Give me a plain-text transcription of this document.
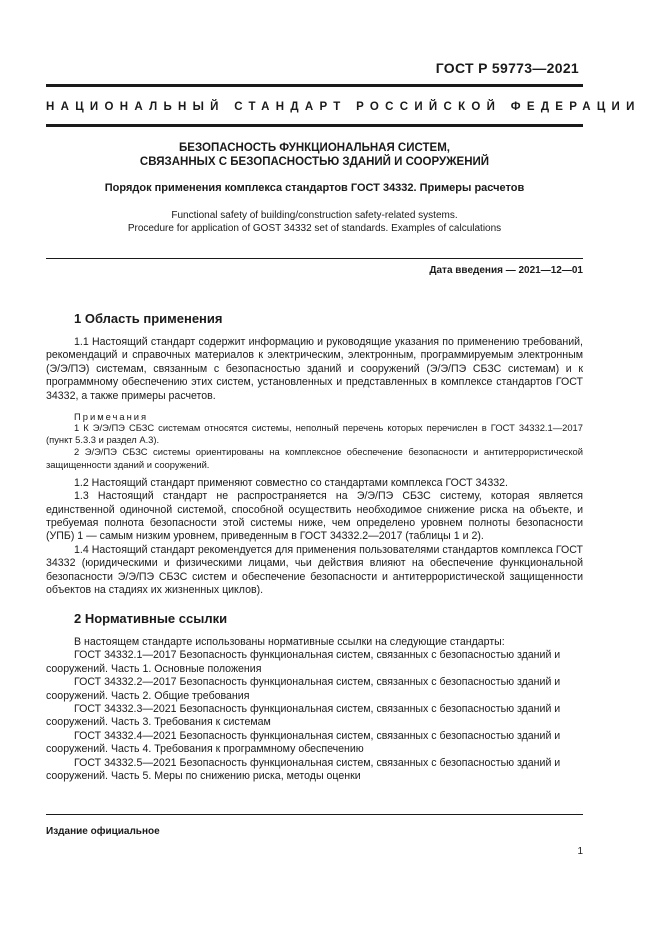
ГОСТ Р 59773—2021
НАЦИОНАЛЬНЫЙ СТАНДАРТ РОССИЙСКОЙ ФЕДЕРАЦИИ
БЕЗОПАСНОСТЬ ФУНКЦИОНАЛЬНАЯ СИСТЕМ,
СВЯЗАННЫХ С БЕЗОПАСНОСТЬЮ ЗДАНИЙ И СООРУЖЕНИЙ
Порядок применения комплекса стандартов ГОСТ 34332. Примеры расчетов
Functional safety of building/construction safety-related systems.
Procedure for application of GOST 34332 set of standards. Examples of calculations
Дата введения — 2021—12—01
1 Область применения

1.1 Настоящий стандарт содержит информацию и руководящие указания по применению требований, рекомендаций и справочных материалов к электрическим, электронным, программируемым электронным (Э/Э/ПЭ) системам, связанным с безопасностью зданий и сооружений (Э/Э/ПЭ СБЗС системам) и к программному обеспечению этих систем, установленных и представленных в комплексе стандартов ГОСТ 34332, а также примеры расчетов.

Примечания

1 К Э/Э/ПЭ СБЗС системам относятся системы, неполный перечень которых перечислен в ГОСТ 34332.1—2017 (пункт 5.3.3 и раздел А.3).

2 Э/Э/ПЭ СБЗС системы ориентированы на комплексное обеспечение безопасности и антитеррористической защищенности зданий и сооружений.

1.2 Настоящий стандарт применяют совместно со стандартами комплекса ГОСТ 34332.

1.3 Настоящий стандарт не распространяется на Э/Э/ПЭ СБЗС систему, которая является единственной одиночной системой, способной осуществить необходимое снижение риска на объекте, и требуемая полнота безопасности этой системы ниже, чем определено уровнем полноты безопасности (УПБ) 1 — самым низким уровнем, приведенным в ГОСТ 34332.2—2017 (таблицы 1 и 2).

1.4 Настоящий стандарт рекомендуется для применения пользователями стандартов комплекса ГОСТ 34332 (юридическими и физическими лицами, чьи действия влияют на обеспечение функциональной безопасности Э/Э/ПЭ СБЗС систем и обеспечение безопасности и антитеррористической защищенности объектов на стадиях их жизненных циклов).

2 Нормативные ссылки

В настоящем стандарте использованы нормативные ссылки на следующие стандарты:

ГОСТ 34332.1—2017 Безопасность функциональная систем, связанных с безопасностью зданий и сооружений. Часть 1. Основные положения

ГОСТ 34332.2—2017 Безопасность функциональная систем, связанных с безопасностью зданий и сооружений. Часть 2. Общие требования

ГОСТ 34332.3—2021 Безопасность функциональная систем, связанных с безопасностью зданий и сооружений. Часть 3. Требования к системам

ГОСТ 34332.4—2021 Безопасность функциональная систем, связанных с безопасностью зданий и сооружений. Часть 4. Требования к программному обеспечению

ГОСТ 34332.5—2021 Безопасность функциональная систем, связанных с безопасностью зданий и сооружений. Часть 5. Меры по снижению риска, методы оценки

Издание официальное
1
